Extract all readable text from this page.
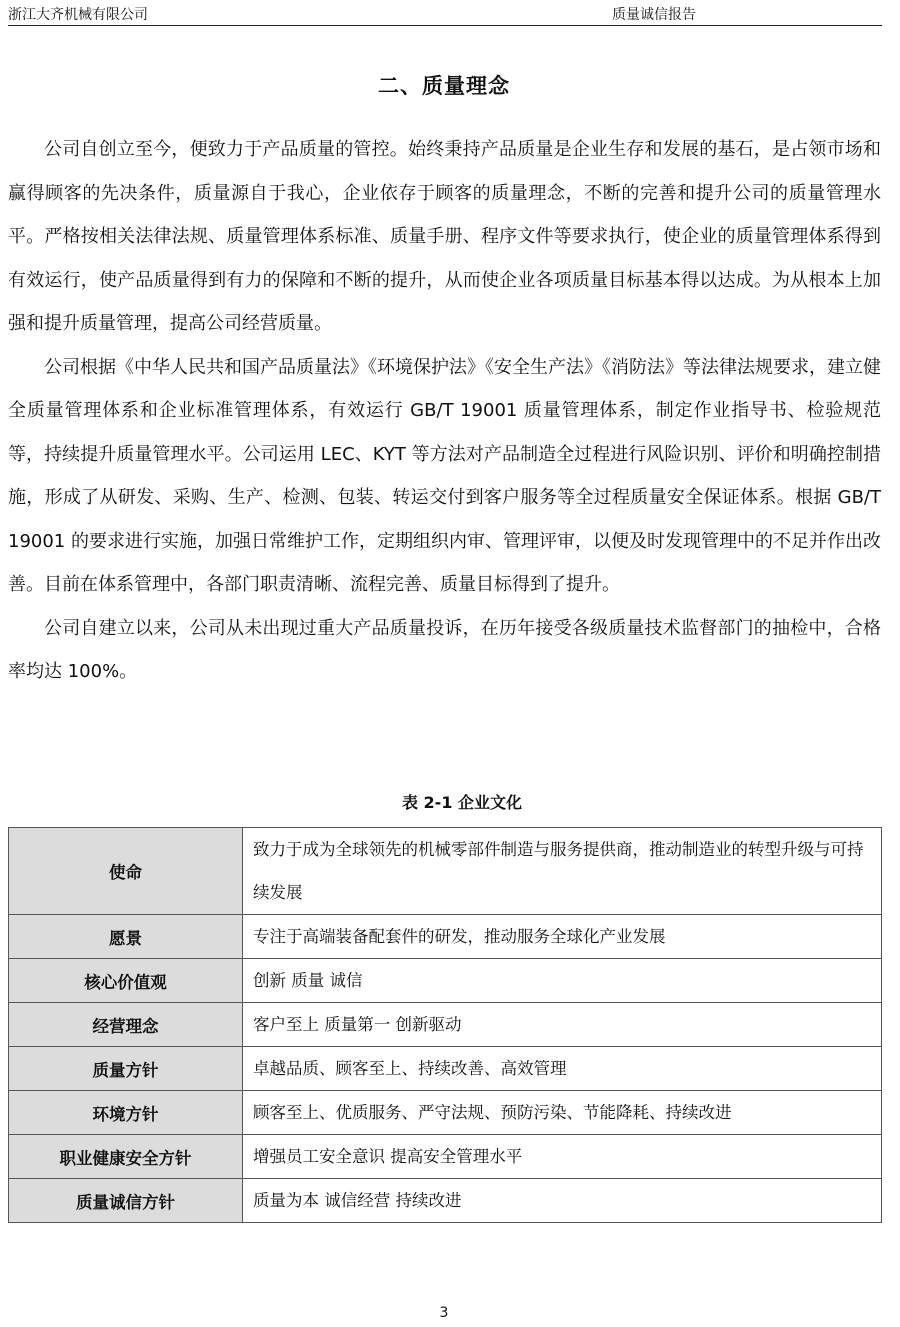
浙江大齐机械有限公司	质量诚信报告
二、质量理念

公司自创立至今，便致力于产品质量的管控。始终秉持产品质量是企业生存和发展的基石，是占领市场和赢得顾客的先决条件，质量源自于我心，企业依存于顾客的质量理念，不断的完善和提升公司的质量管理水平。严格按相关法律法规、质量管理体系标准、质量手册、程序文件等要求执行，使企业的质量管理体系得到有效运行，使产品质量得到有力的保障和不断的提升，从而使企业各项质量目标基本得以达成。为从根本上加强和提升质量管理，提高公司经营质量。

公司根据《中华人民共和国产品质量法》《环境保护法》《安全生产法》《消防法》等法律法规要求，建立健全质量管理体系和企业标准管理体系，有效运行 GB/T 19001 质量管理体系，制定作业指导书、检验规范等，持续提升质量管理水平。公司运用 LEC、KYT 等方法对产品制造全过程进行风险识别、评价和明确控制措施，形成了从研发、采购、生产、检测、包装、转运交付到客户服务等全过程质量安全保证体系。根据 GB/T 19001 的要求进行实施，加强日常维护工作，定期组织内审、管理评审，以便及时发现管理中的不足并作出改善。目前在体系管理中，各部门职责清晰、流程完善、质量目标得到了提升。

公司自建立以来，公司从未出现过重大产品质量投诉，在历年接受各级质量技术监督部门的抽检中，合格率均达 100%。

表 2-1 企业文化
使命	致力于成为全球领先的机械零部件制造与服务提供商，推动制造业的转型升级与可持续发展
愿景	专注于高端装备配套件的研发，推动服务全球化产业发展
核心价值观	创新 质量 诚信
经营理念	客户至上 质量第一 创新驱动
质量方针	卓越品质、顾客至上、持续改善、高效管理
环境方针	顾客至上、优质服务、严守法规、预防污染、节能降耗、持续改进
职业健康安全方针	增强员工安全意识 提高安全管理水平
质量诚信方针	质量为本 诚信经营 持续改进
3
